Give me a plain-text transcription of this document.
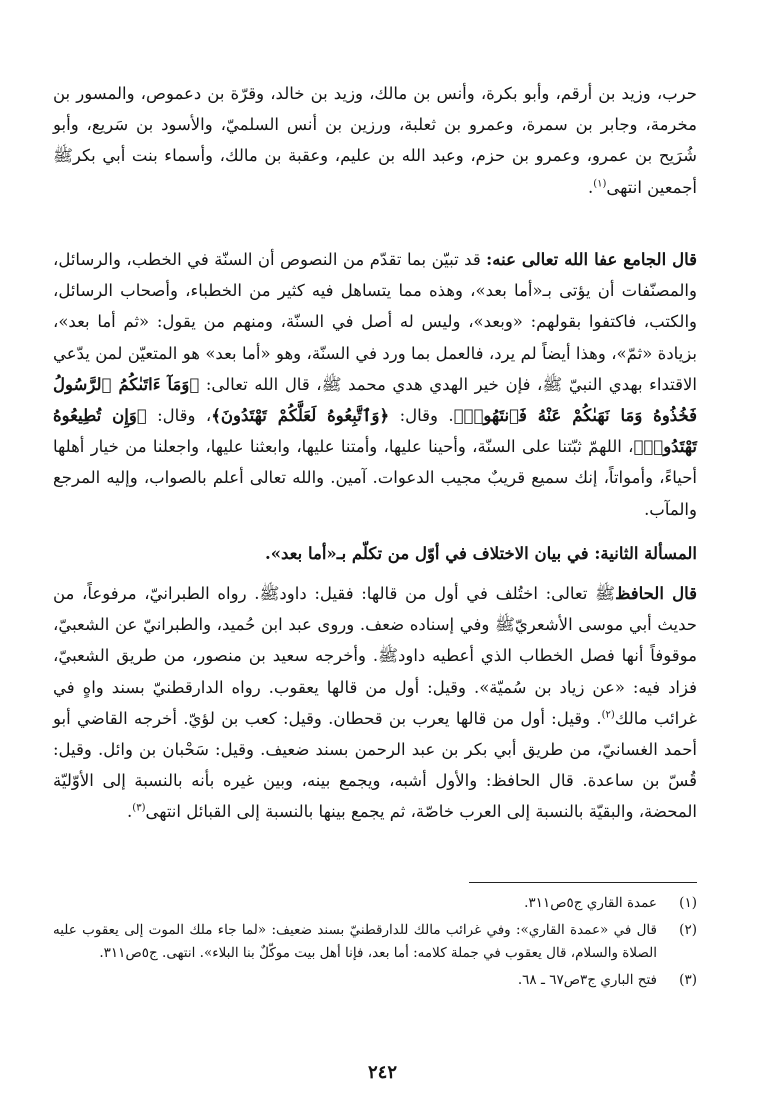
حرب، وزيد بن أرقم، وأبو بكرة، وأنس بن مالك، وزيد بن خالد، وقرّة بن دعموص، والمسور بن مخرمة، وجابر بن سمرة، وعمرو بن ثعلبة، ورزين بن أنس السلميّ، والأسود بن سَريع، وأبو شُرَيح بن عمرو، وعمرو بن حزم، وعبد الله بن عليم، وعقبة بن مالك، وأسماء بنت أبي بكرﷺ أجمعين انتهى$^{(١)}$.

قال الجامع عفا الله تعالى عنه: قد تبيّن بما تقدّم من النصوص أن السنّة في الخطب، والرسائل، والمصنّفات أن يؤتى بـ«أما بعد»، وهذه مما يتساهل فيه كثير من الخطباء، وأصحاب الرسائل، والكتب، فاكتفوا بقولهم: «وبعد»، وليس له أصل في السنّة، ومنهم من يقول: «ثم أما بعد»، بزيادة «ثمّ»، وهذا أيضاً لم يرد، فالعمل بما ورد في السنّة، وهو «أما بعد» هو المتعيّن لمن يدّعي الاقتداء بهدي النبيّ ﷺ، فإن خير الهدي هدي محمد ﷺ، قال الله تعالى: ﴿وَمَآ ءَاتَىٰكُمُ ٱلرَّسُولُ فَخُذُوهُ وَمَا نَهَىٰكُمْ عَنْهُ فَٱنتَهُوا۟﴾. وقال: ﴿وَٱتَّبِعُوهُ لَعَلَّكُمْ تَهْتَدُونَ﴾، وقال: ﴿وَإِن تُطِيعُوهُ تَهْتَدُوا۟﴾، اللهمّ ثبّتنا على السنّة، وأحينا عليها، وأمتنا عليها، وابعثنا عليها، واجعلنا من خيار أهلها أحياءً، وأمواتاً، إنك سميع قريبٌ مجيب الدعوات. آمين. والله تعالى أعلم بالصواب، وإليه المرجع والمآب.

المسألة الثانية: في بيان الاختلاف في أوّل من تكلّم بـ«أما بعد».

قال الحافظﷺ تعالى: اختُلف في أول من قالها: فقيل: داودﷺ. رواه الطبرانيّ، مرفوعاً، من حديث أبي موسى الأشعريّﷺ وفي إسناده ضعف. وروى عبد ابن حُميد، والطبرانيّ عن الشعبيّ، موقوفاً أنها فصل الخطاب الذي أعطيه داودﷺ. وأخرجه سعيد بن منصور، من طريق الشعبيّ، فزاد فيه: «عن زياد بن سُميّة». وقيل: أول من قالها يعقوب. رواه الدارقطنيّ بسند واهٍ في غرائب مالك$^{(٢)}$. وقيل: أول من قالها يعرب بن قحطان. وقيل: كعب بن لؤيّ. أخرجه القاضي أبو أحمد الغسانيّ، من طريق أبي بكر بن عبد الرحمن بسند ضعيف. وقيل: سَحْبان بن وائل. وقيل: قُسّ بن ساعدة. قال الحافظ: والأول أشبه، ويجمع بينه، وبين غيره بأنه بالنسبة إلى الأوّليّة المحضة، والبقيّة بالنسبة إلى العرب خاصّة، ثم يجمع بينها بالنسبة إلى القبائل انتهى$^{(٣)}$.

(١)
عمدة القاري ج٥ص٣١١.
(٢)
قال في «عمدة القاري»: وفي غرائب مالك للدارقطنيّ بسند ضعيف: «لما جاء ملك الموت إلى يعقوب عليه الصلاة والسلام، قال يعقوب في جملة كلامه: أما بعد، فإنا أهل بيت موكّلٌ بنا البلاء». انتهى. ج٥ص٣١١.
(٣)
فتح الباري ج٣ص٦٧ ـ ٦٨.
٢٤٢
